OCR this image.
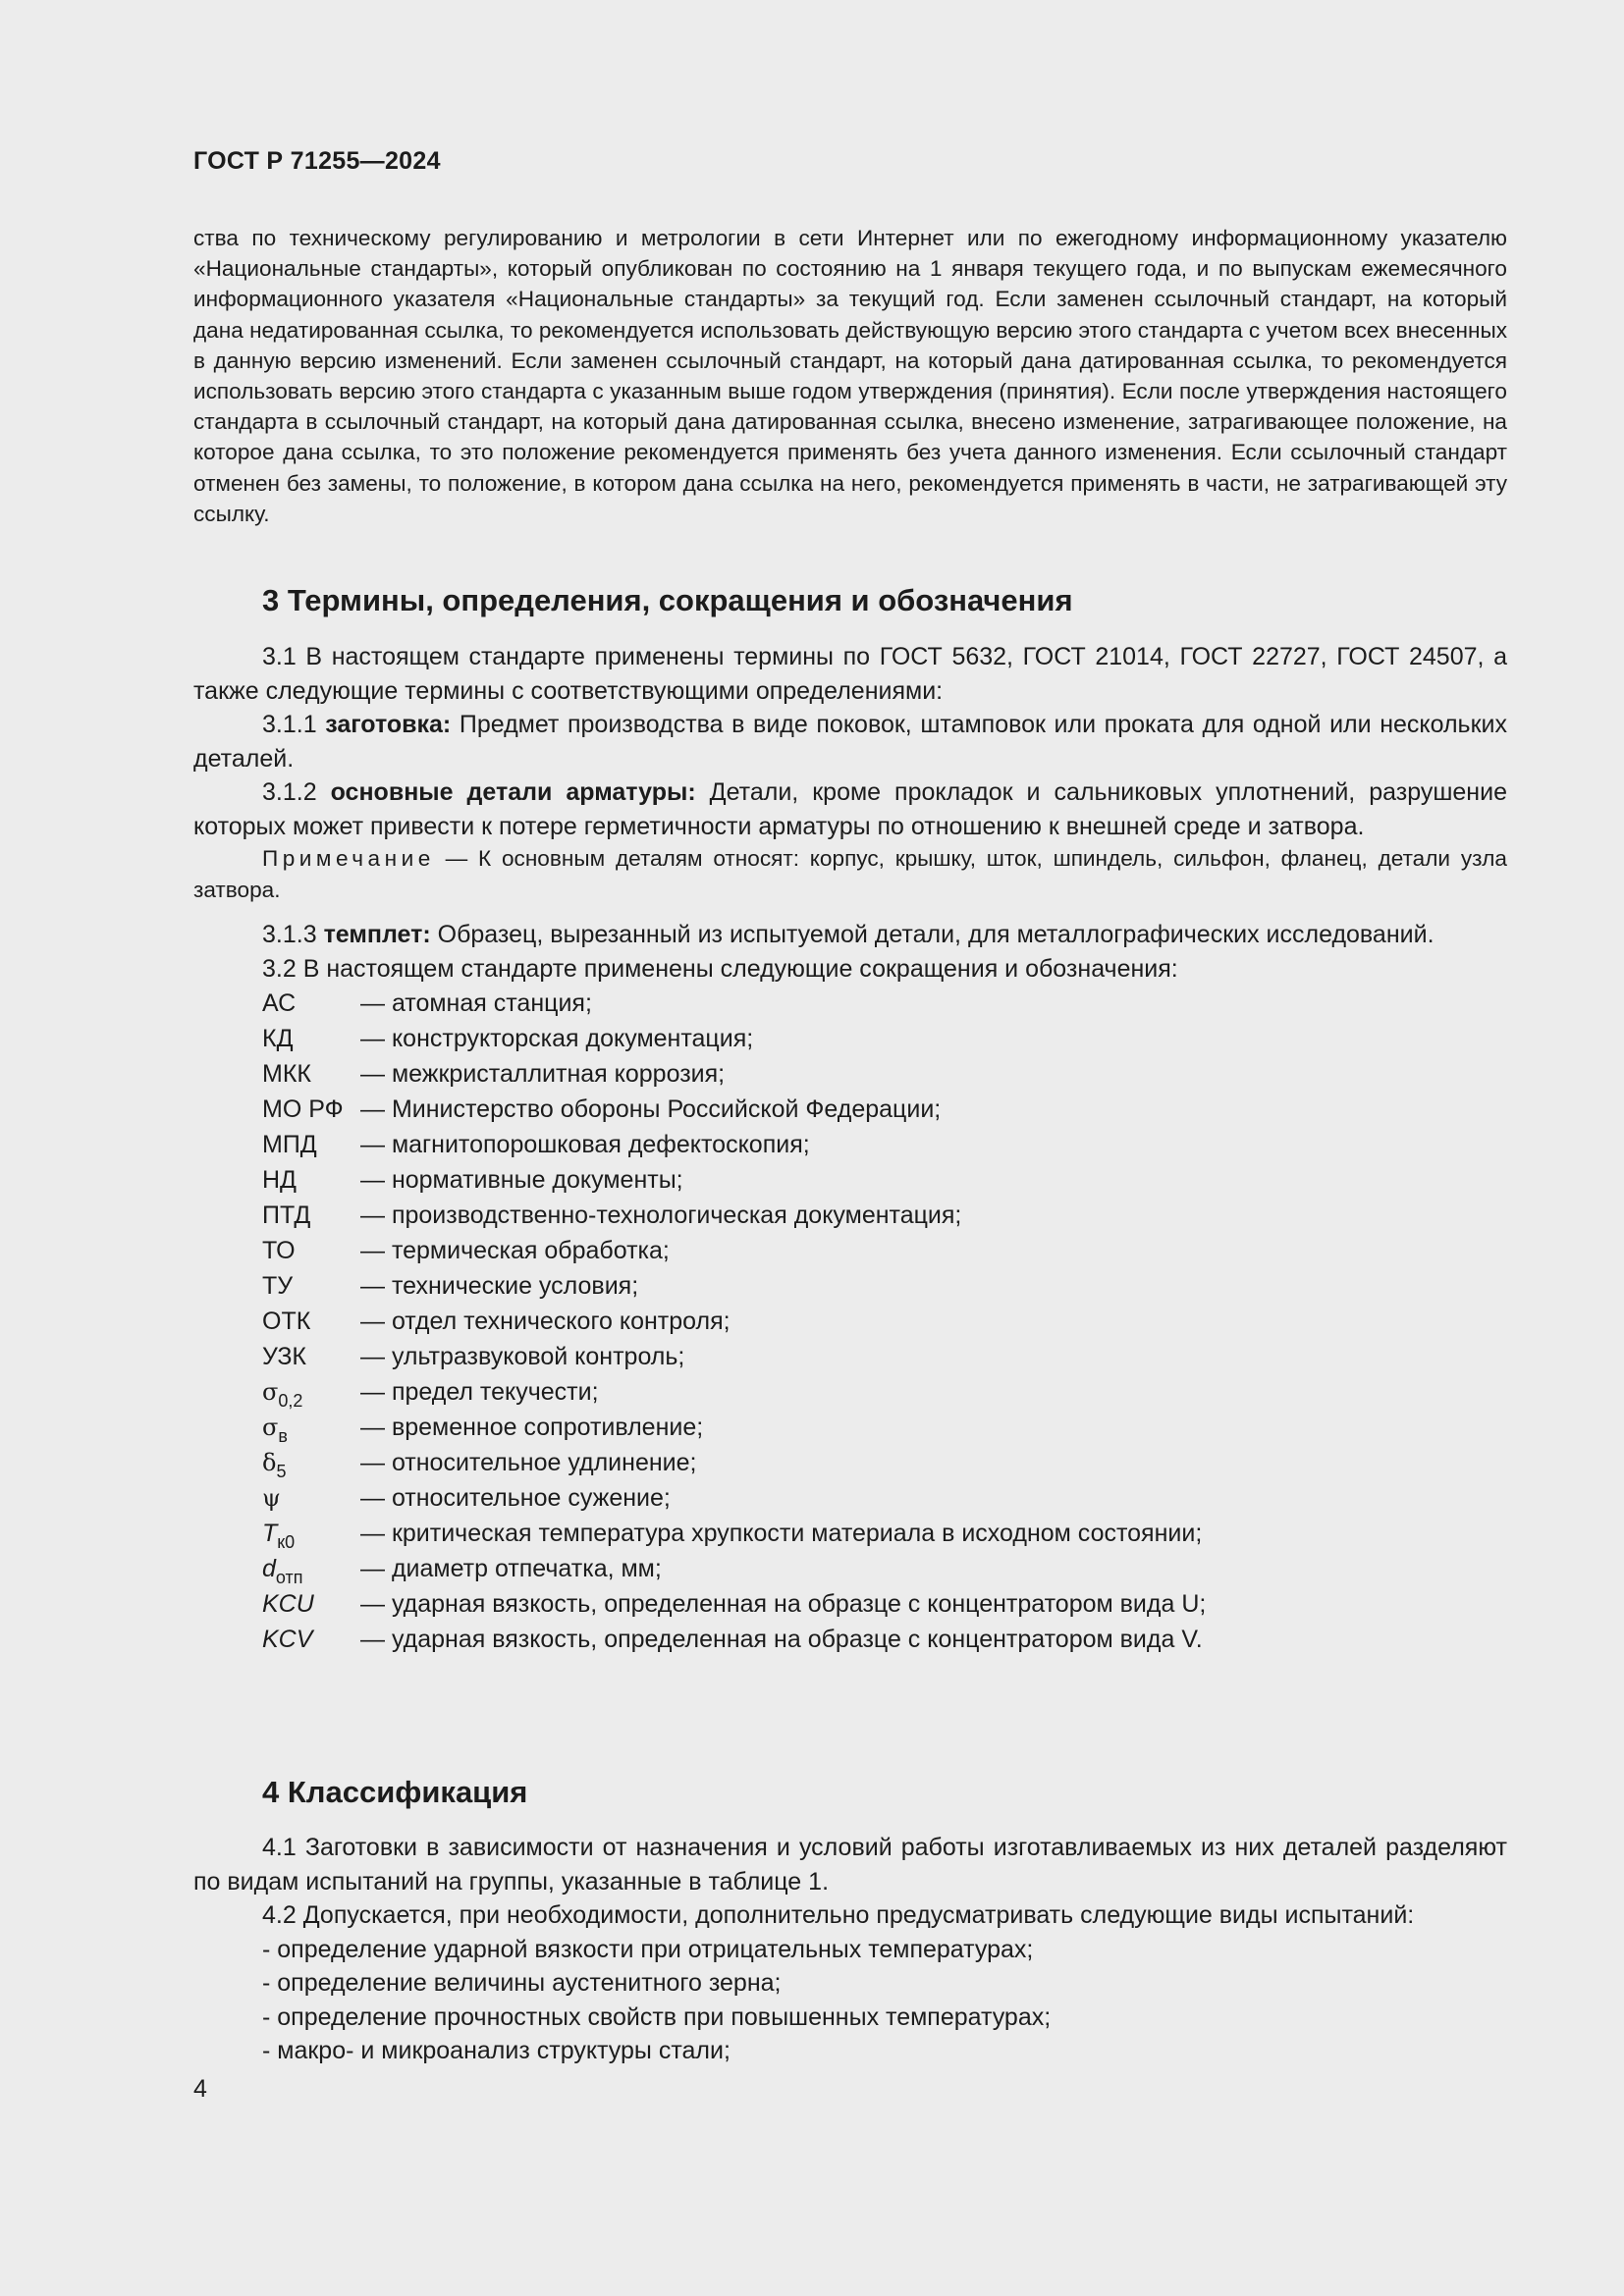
ГОСТ Р 71255—2024

ства по техническому регулированию и метрологии в сети Интернет или по ежегодному информационному указателю «Национальные стандарты», который опубликован по состоянию на 1 января текущего года, и по выпускам ежемесячного информационного указателя «Национальные стандарты» за текущий год. Если заменен ссылочный стандарт, на который дана недатированная ссылка, то рекомендуется использовать действующую версию этого стандарта с учетом всех внесенных в данную версию изменений. Если заменен ссылочный стандарт, на который дана датированная ссылка, то рекомендуется использовать версию этого стандарта с указанным выше годом утверждения (принятия). Если после утверждения настоящего стандарта в ссылочный стандарт, на который дана датированная ссылка, внесено изменение, затрагивающее положение, на которое дана ссылка, то это положение рекомендуется применять без учета данного изменения. Если ссылочный стандарт отменен без замены, то положение, в котором дана ссылка на него, рекомендуется применять в части, не затрагивающей эту ссылку.

3 Термины, определения, сокращения и обозначения

3.1 В настоящем стандарте применены термины по ГОСТ 5632, ГОСТ 21014, ГОСТ 22727, ГОСТ 24507, а также следующие термины с соответствующими определениями:

3.1.1 заготовка: Предмет производства в виде поковок, штамповок или проката для одной или нескольких деталей.

3.1.2 основные детали арматуры: Детали, кроме прокладок и сальниковых уплотнений, разрушение которых может привести к потере герметичности арматуры по отношению к внешней среде и затвора.

Примечание — К основным деталям относят: корпус, крышку, шток, шпиндель, сильфон, фланец, детали узла затвора.

3.1.3 темплет: Образец, вырезанный из испытуемой детали, для металлографических исследований.

3.2 В настоящем стандарте применены следующие сокращения и обозначения:

АС	— атомная станция;
КД	— конструкторская документация;
МКК	— межкристаллитная коррозия;
МО РФ — Министерство обороны Российской Федерации;
МПД	— магнитопорошковая дефектоскопия;
НД	— нормативные документы;
ПТД	— производственно-технологическая документация;
ТО	— термическая обработка;
ТУ	— технические условия;
ОТК	— отдел технического контроля;
УЗК	— ультразвуковой контроль;
$\sigma_{0,2}$	— предел текучести;
$\sigma_в$	— временное сопротивление;
$\delta_5$	— относительное удлинение;
ψ	— относительное сужение;
$T_{к0}$	— критическая температура хрупкости материала в исходном состоянии;
$d_{отп}$	— диаметр отпечатка, мм;
KCU	— ударная вязкость, определенная на образце с концентратором вида U;
KCV	— ударная вязкость, определенная на образце с концентратором вида V.
4 Классификация

4.1 Заготовки в зависимости от назначения и условий работы изготавливаемых из них деталей разделяют по видам испытаний на группы, указанные в таблице 1.

4.2 Допускается, при необходимости, дополнительно предусматривать следующие виды испытаний:

- определение ударной вязкости при отрицательных температурах;

- определение величины аустенитного зерна;

- определение прочностных свойств при повышенных температурах;

- макро- и микроанализ структуры стали;

4
